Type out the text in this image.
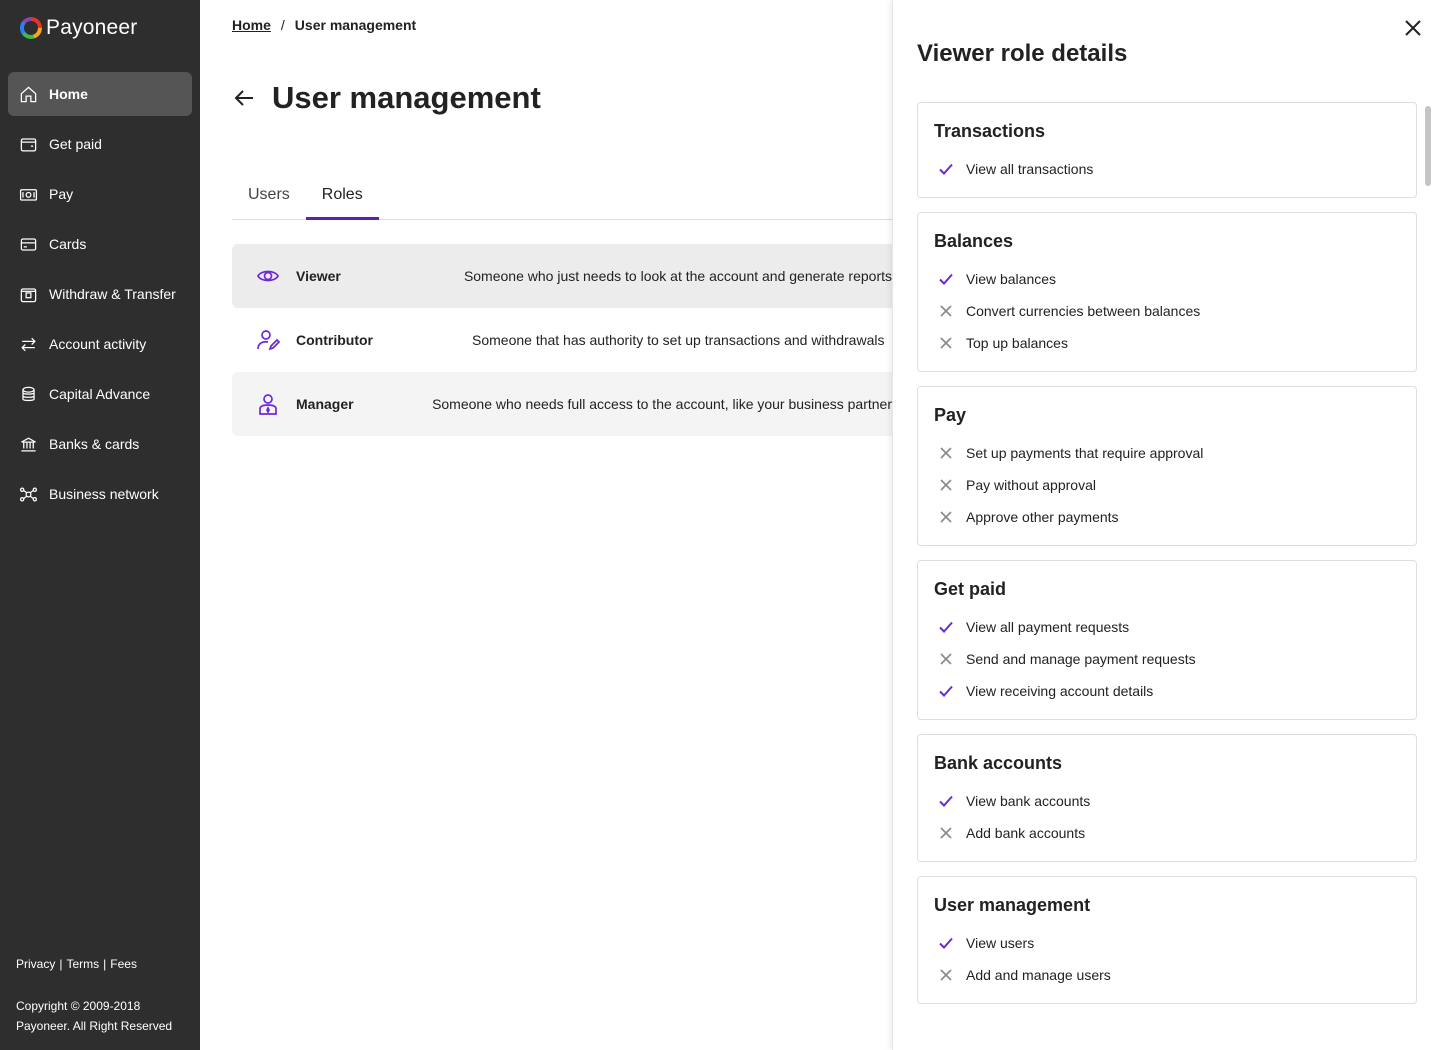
Payoneer
Home
Get paid
Pay
Cards
Withdraw & Transfer
Account activity
Capital Advance
Banks & cards
Business network
Privacy | Terms | Fees
Copyright © 2009-2018 Payoneer. All Right Reserved
Home / User management
User management
Users	Roles
Viewer	Someone who just needs to look at the account and generate reports
Contributor	Someone that has authority to set up transactions and withdrawals
Manager	Someone who needs full access to the account, like your business partner
Viewer role details
Transactions
View all transactions
Balances
View balances
Convert currencies between balances
Top up balances
Pay
Set up payments that require approval
Pay without approval
Approve other payments
Get paid
View all payment requests
Send and manage payment requests
View receiving account details
Bank accounts
View bank accounts
Add bank accounts
User management
View users
Add and manage users
